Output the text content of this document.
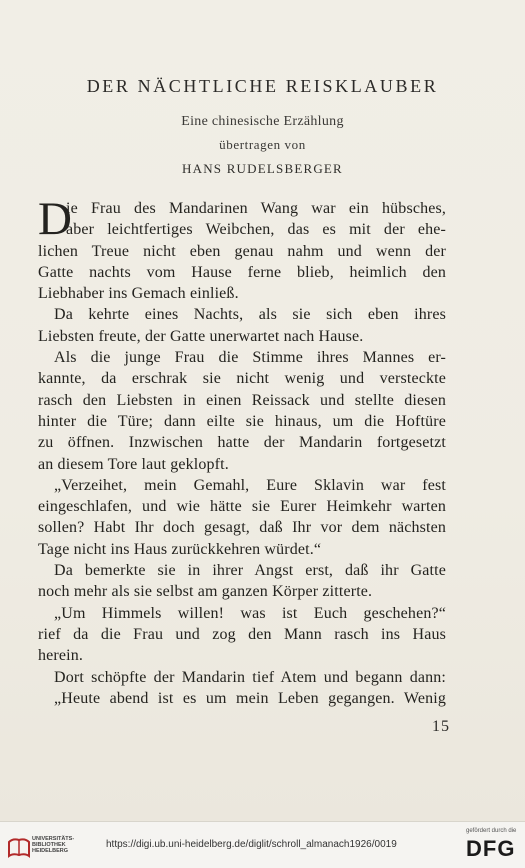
DER NÄCHTLICHE REISKLAUBER
Eine chinesische Erzählung
übertragen von
HANS RUDELSBERGER
D
ie Frau des Mandarinen Wang war ein hübsches,
aber leichtfertiges Weibchen, das es mit der ehe-
lichen Treue nicht eben genau nahm und wenn der
Gatte nachts vom Hause ferne blieb, heimlich den
Liebhaber ins Gemach einließ.
Da kehrte eines Nachts, als sie sich eben ihres
Liebsten freute, der Gatte unerwartet nach Hause.
Als die junge Frau die Stimme ihres Mannes er-
kannte, da erschrak sie nicht wenig und versteckte
rasch den Liebsten in einen Reissack und stellte diesen
hinter die Türe; dann eilte sie hinaus, um die Hoftüre
zu öffnen. Inzwischen hatte der Mandarin fortgesetzt
an diesem Tore laut geklopft.
„Verzeihet, mein Gemahl, Eure Sklavin war fest
eingeschlafen, und wie hätte sie Eurer Heimkehr warten
sollen? Habt Ihr doch gesagt, daß Ihr vor dem nächsten
Tage nicht ins Haus zurückkehren würdet.“
Da bemerkte sie in ihrer Angst erst, daß ihr Gatte
noch mehr als sie selbst am ganzen Körper zitterte.
„Um Himmels willen! was ist Euch geschehen?“
rief da die Frau und zog den Mann rasch ins Haus
herein.
Dort schöpfte der Mandarin tief Atem und begann dann:
„Heute abend ist es um mein Leben gegangen. Wenig
15
UNIVERSITÄTS-
BIBLIOTHEK
HEIDELBERG
https://digi.ub.uni-heidelberg.de/diglit/schroll_almanach1926/0019
gefördert durch die
DFG
